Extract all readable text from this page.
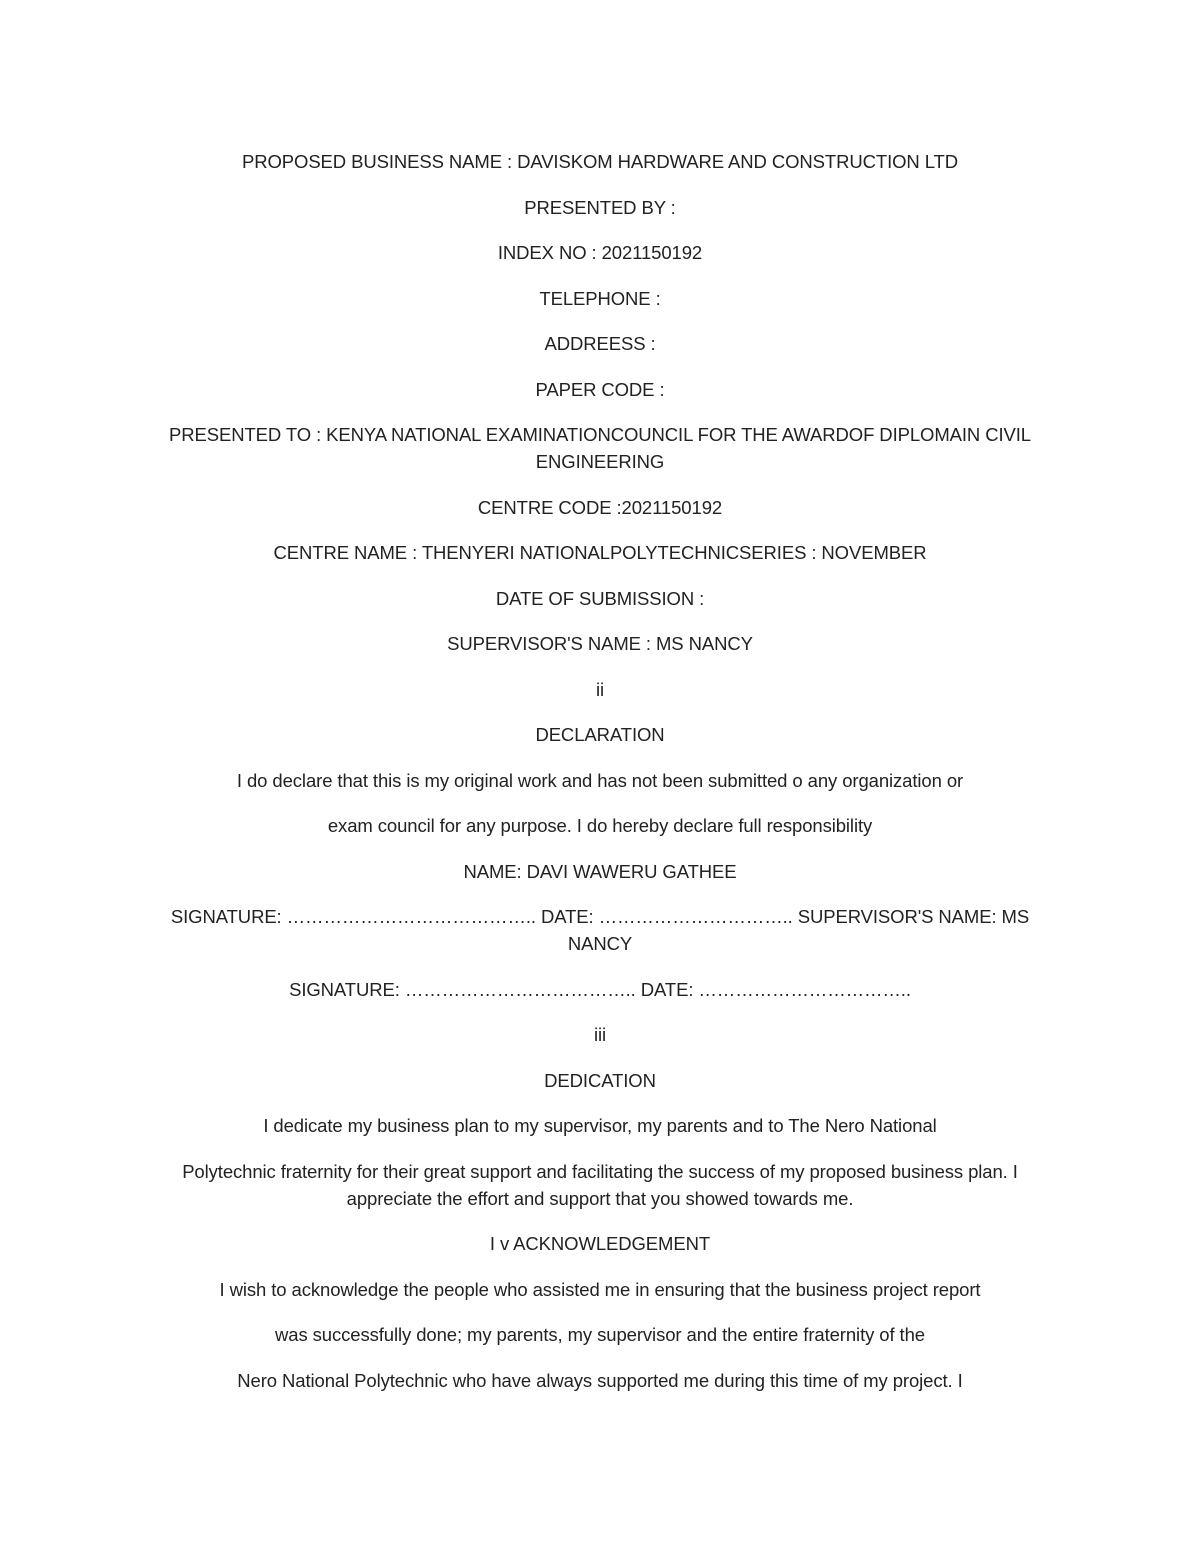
PROPOSED BUSINESS NAME : DAVISKOM HARDWARE AND CONSTRUCTION LTD

PRESENTED BY :

INDEX NO : 2021150192

TELEPHONE :

ADDREESS :

PAPER CODE :

PRESENTED TO : KENYA NATIONAL EXAMINATIONCOUNCIL FOR THE AWARDOF DIPLOMAIN CIVIL ENGINEERING

CENTRE CODE :2021150192

CENTRE NAME : THENYERI NATIONALPOLYTECHNICSERIES : NOVEMBER

DATE OF SUBMISSION :

SUPERVISOR'S NAME : MS NANCY

ii

DECLARATION

I do declare that this is my original work and has not been submitted o any organization or

exam council for any purpose. I do hereby declare full responsibility

NAME: DAVI WAWERU GATHEE

SIGNATURE: ………………………………….. DATE: ………………………….. SUPERVISOR'S NAME: MS NANCY

SIGNATURE: ……………………………….. DATE: ……………………………..

iii

DEDICATION

I dedicate my business plan to my supervisor, my parents and to The Nero National

Polytechnic fraternity for their great support and facilitating the success of my proposed business plan. I appreciate the effort and support that you showed towards me.

I v ACKNOWLEDGEMENT

I wish to acknowledge the people who assisted me in ensuring that the business project report

was successfully done; my parents, my supervisor and the entire fraternity of the

Nero National Polytechnic who have always supported me during this time of my project. I
